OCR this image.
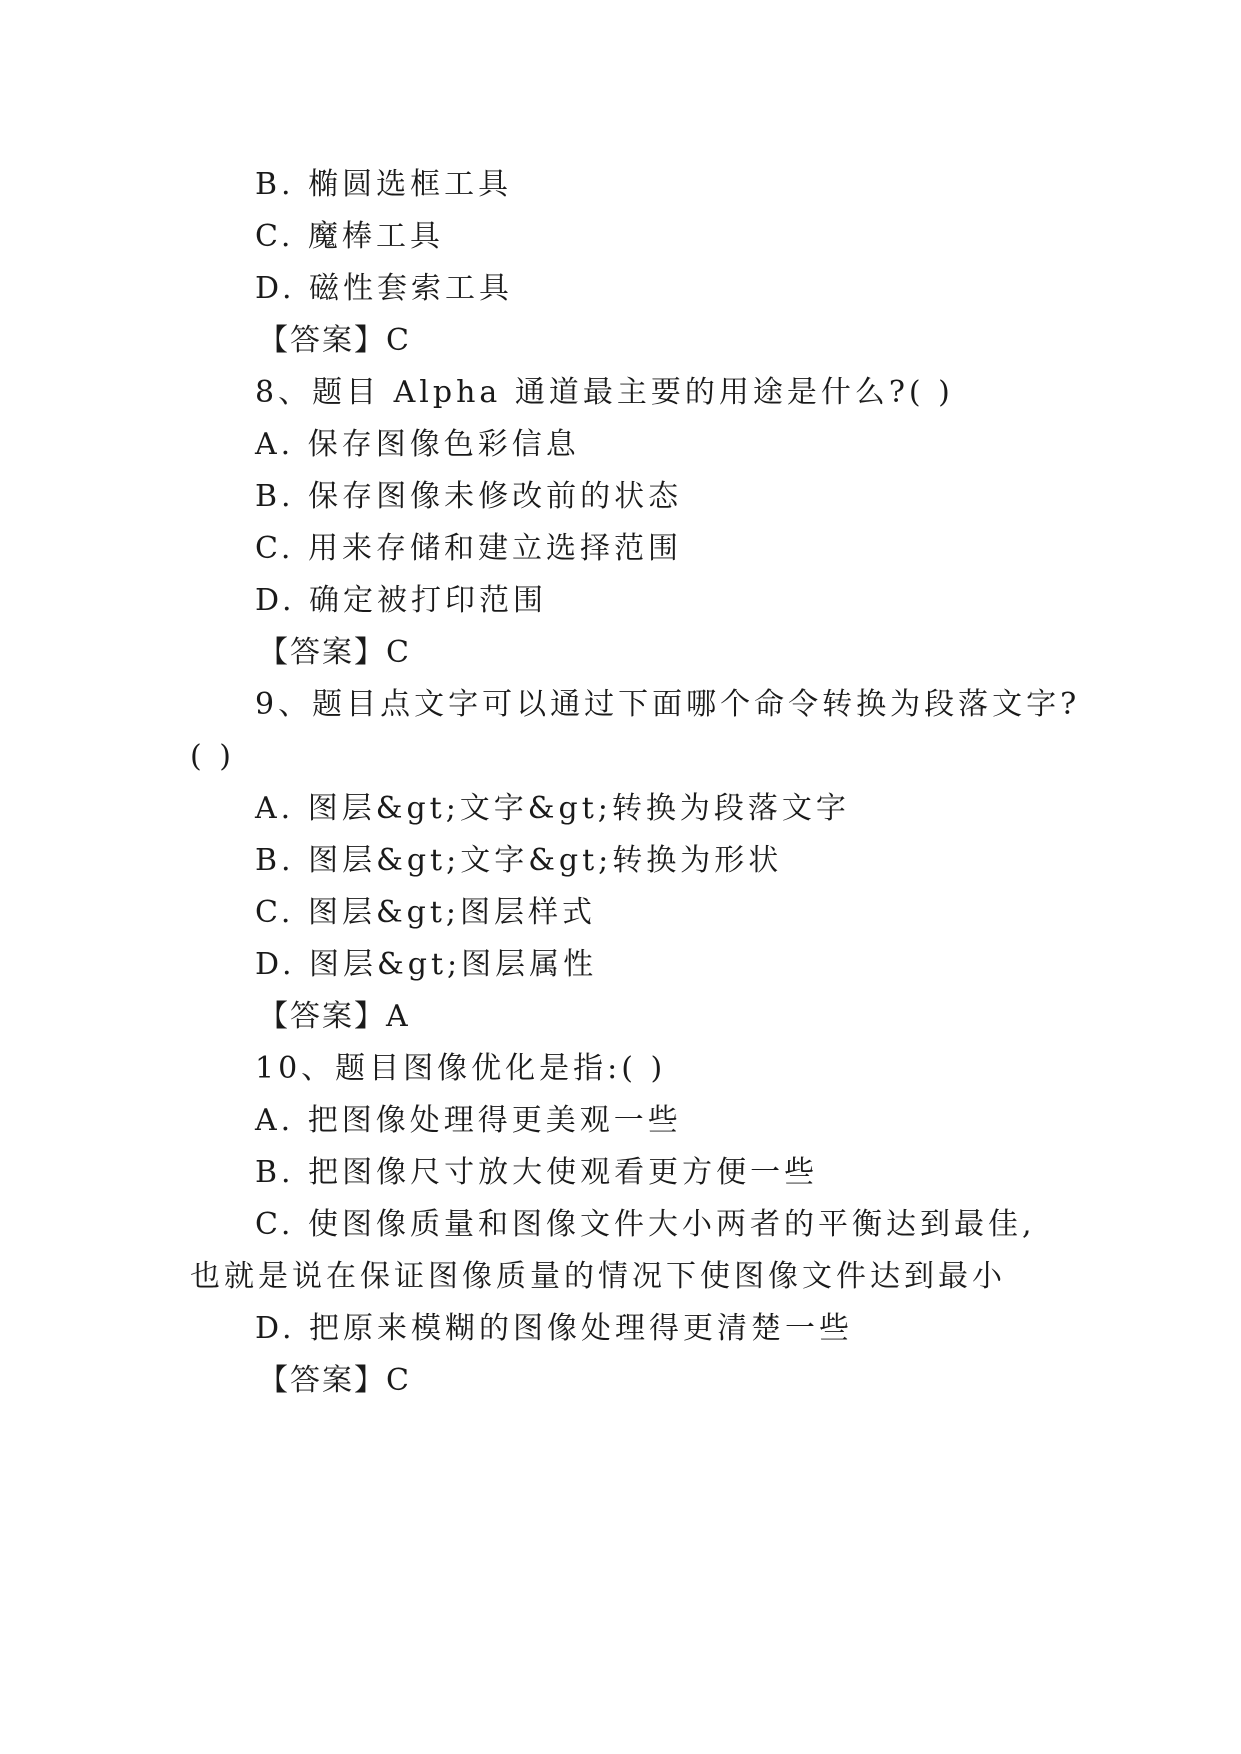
B. 椭圆选框工具
C. 魔棒工具
D. 磁性套索工具
【答案】C
8、题目 Alpha 通道最主要的用途是什么?( )
A. 保存图像色彩信息
B. 保存图像未修改前的状态
C. 用来存储和建立选择范围
D. 确定被打印范围
【答案】C
9、题目点文字可以通过下面哪个命令转换为段落文字?
( )
A. 图层&gt;文字&gt;转换为段落文字
B. 图层&gt;文字&gt;转换为形状
C. 图层&gt;图层样式
D. 图层&gt;图层属性
【答案】A
10、题目图像优化是指:( )
A. 把图像处理得更美观一些
B. 把图像尺寸放大使观看更方便一些
C. 使图像质量和图像文件大小两者的平衡达到最佳,
也就是说在保证图像质量的情况下使图像文件达到最小
D. 把原来模糊的图像处理得更清楚一些
【答案】C
